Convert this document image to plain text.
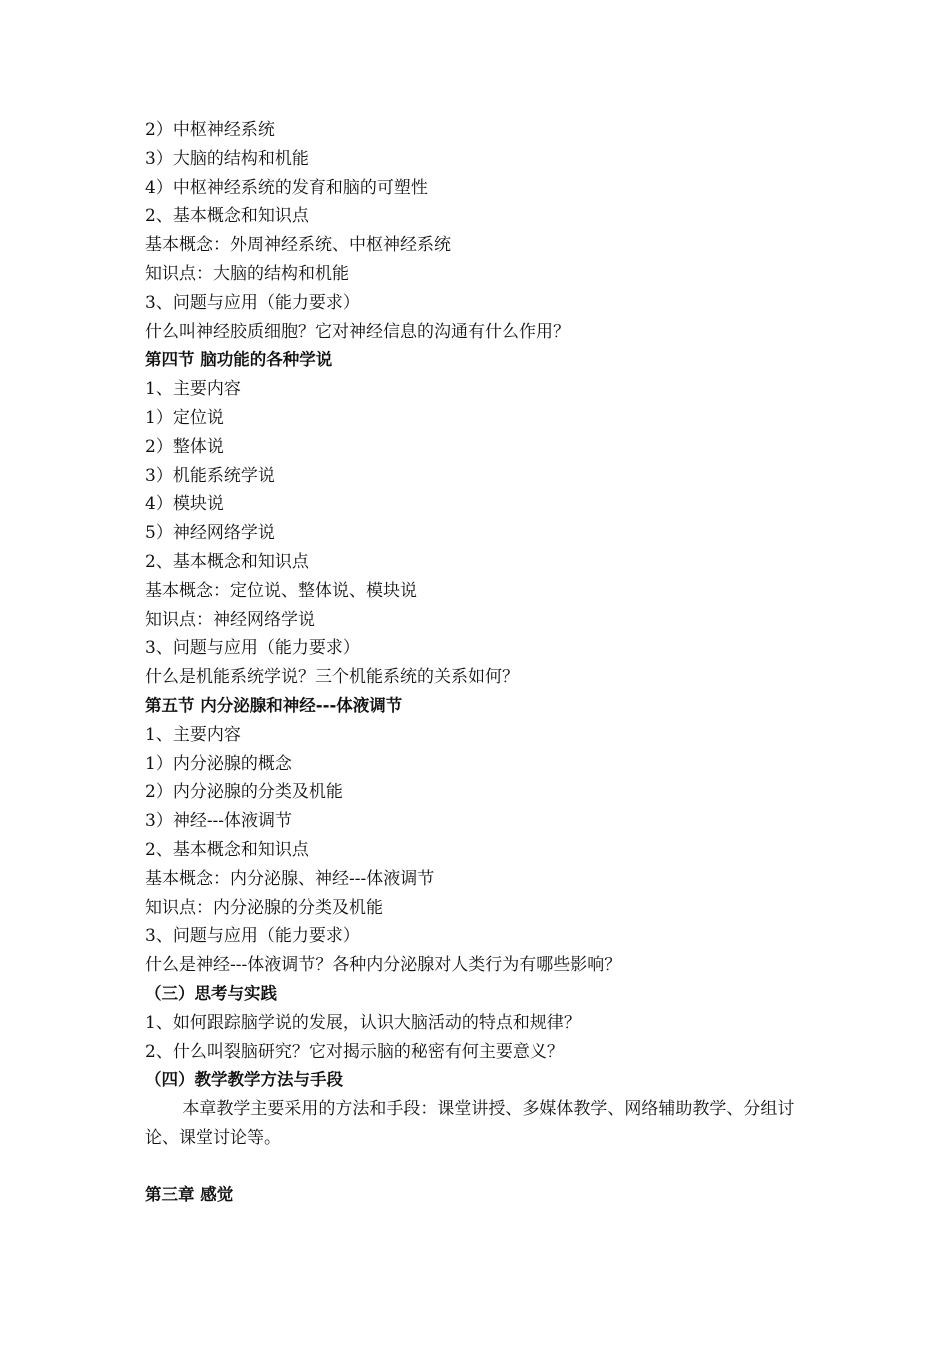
2）中枢神经系统
3）大脑的结构和机能
4）中枢神经系统的发育和脑的可塑性
2、基本概念和知识点
基本概念：外周神经系统、中枢神经系统
知识点：大脑的结构和机能
3、问题与应用（能力要求）
什么叫神经胶质细胞？它对神经信息的沟通有什么作用？
第四节 脑功能的各种学说
1、主要内容
1）定位说
2）整体说
3）机能系统学说
4）模块说
5）神经网络学说
2、基本概念和知识点
基本概念：定位说、整体说、模块说
知识点：神经网络学说
3、问题与应用（能力要求）
什么是机能系统学说？三个机能系统的关系如何？
第五节 内分泌腺和神经---体液调节
1、主要内容
1）内分泌腺的概念
2）内分泌腺的分类及机能
3）神经---体液调节
2、基本概念和知识点
基本概念：内分泌腺、神经---体液调节
知识点：内分泌腺的分类及机能
3、问题与应用（能力要求）
什么是神经---体液调节？各种内分泌腺对人类行为有哪些影响？
（三）思考与实践
1、如何跟踪脑学说的发展，认识大脑活动的特点和规律？
2、什么叫裂脑研究？它对揭示脑的秘密有何主要意义？
（四）教学教学方法与手段
本章教学主要采用的方法和手段：课堂讲授、多媒体教学、网络辅助教学、分组讨论、课堂讨论等。
第三章 感觉
